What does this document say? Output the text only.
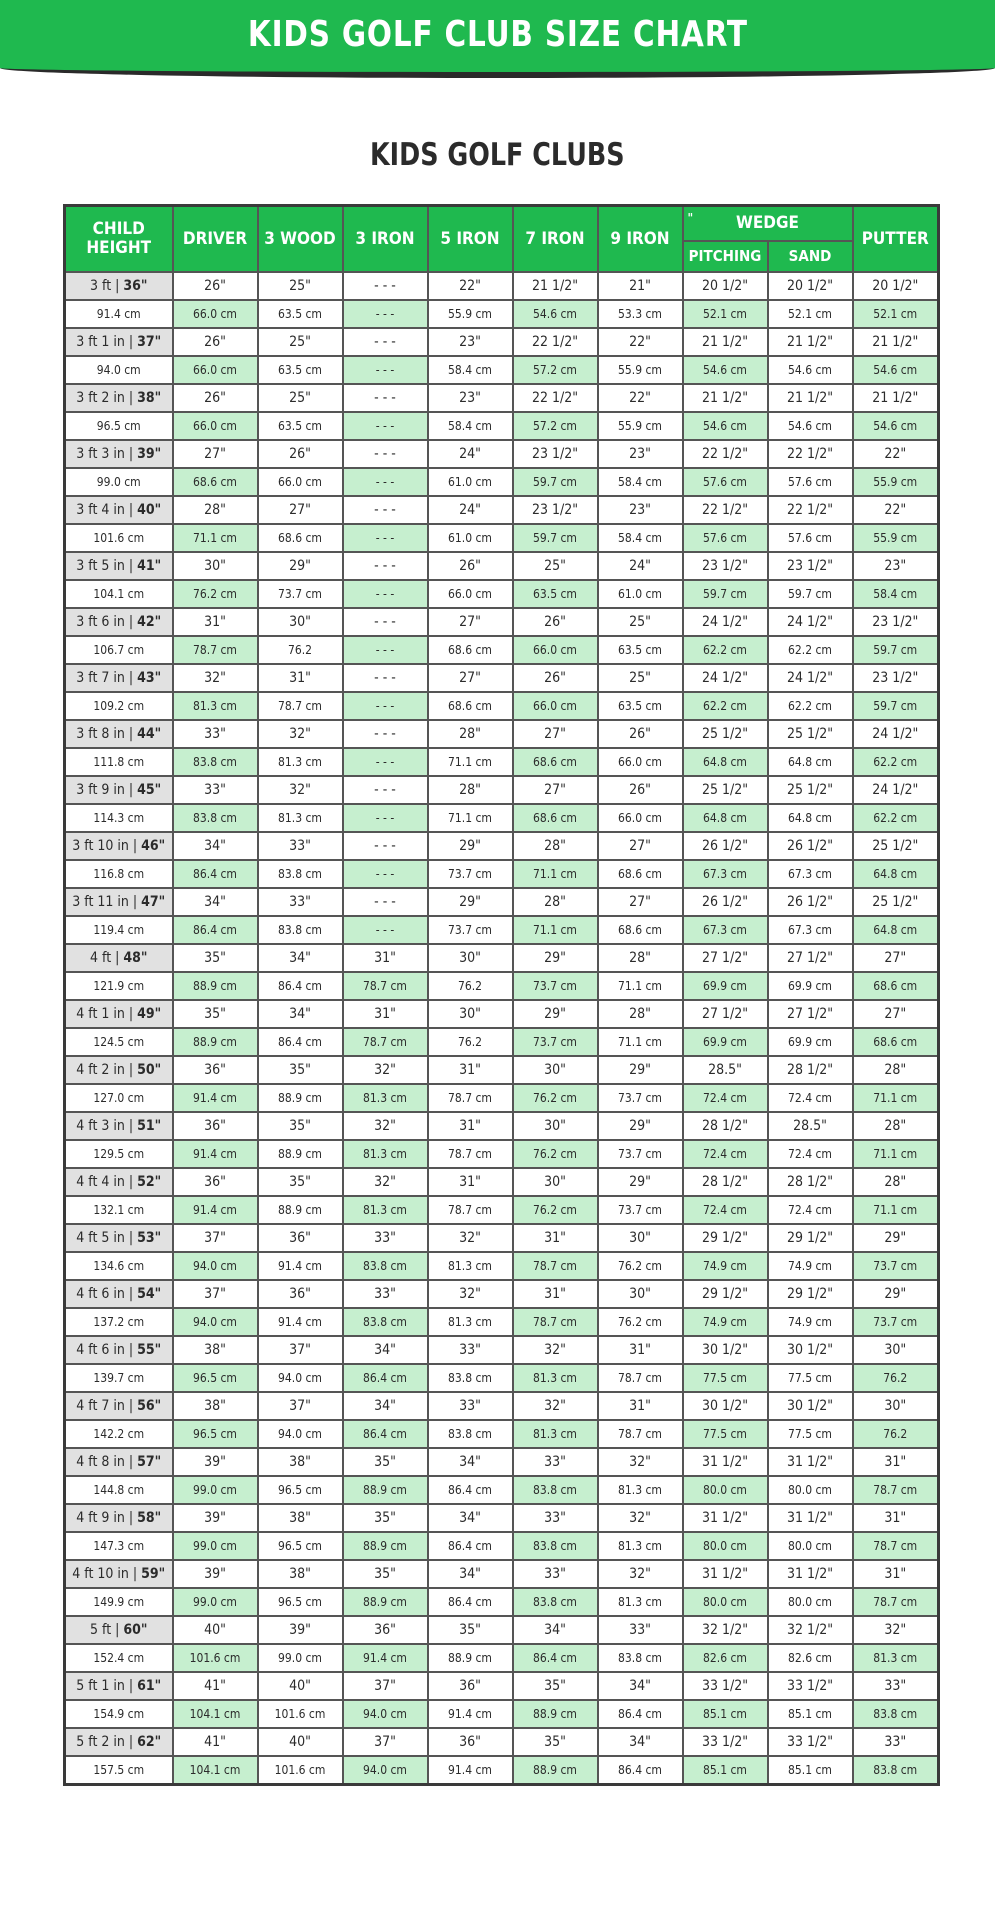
KIDS GOLF CLUB SIZE CHART
KIDS GOLF CLUBS
CHILD HEIGHT	DRIVER	3 WOOD	3 IRON	5 IRON	7 IRON	9 IRON	" WEDGE		PUTTER
							PITCHING	SAND	
3 ft | 36"	26"	25"	- - -	22"	21 1/2"	21"	20 1/2"	20 1/2"	20 1/2"
91.4 cm	66.0 cm	63.5 cm	- - -	55.9 cm	54.6 cm	53.3 cm	52.1 cm	52.1 cm	52.1 cm
3 ft 1 in | 37"	26"	25"	- - -	23"	22 1/2"	22"	21 1/2"	21 1/2"	21 1/2"
94.0 cm	66.0 cm	63.5 cm	- - -	58.4 cm	57.2 cm	55.9 cm	54.6 cm	54.6 cm	54.6 cm
3 ft 2 in | 38"	26"	25"	- - -	23"	22 1/2"	22"	21 1/2"	21 1/2"	21 1/2"
96.5 cm	66.0 cm	63.5 cm	- - -	58.4 cm	57.2 cm	55.9 cm	54.6 cm	54.6 cm	54.6 cm
3 ft 3 in | 39"	27"	26"	- - -	24"	23 1/2"	23"	22 1/2"	22 1/2"	22"
99.0 cm	68.6 cm	66.0 cm	- - -	61.0 cm	59.7 cm	58.4 cm	57.6 cm	57.6 cm	55.9 cm
3 ft 4 in | 40"	28"	27"	- - -	24"	23 1/2"	23"	22 1/2"	22 1/2"	22"
101.6 cm	71.1 cm	68.6 cm	- - -	61.0 cm	59.7 cm	58.4 cm	57.6 cm	57.6 cm	55.9 cm
3 ft 5 in | 41"	30"	29"	- - -	26"	25"	24"	23 1/2"	23 1/2"	23"
104.1 cm	76.2 cm	73.7 cm	- - -	66.0 cm	63.5 cm	61.0 cm	59.7 cm	59.7 cm	58.4 cm
3 ft 6 in | 42"	31"	30"	- - -	27"	26"	25"	24 1/2"	24 1/2"	23 1/2"
106.7 cm	78.7 cm	76.2	- - -	68.6 cm	66.0 cm	63.5 cm	62.2 cm	62.2 cm	59.7 cm
3 ft 7 in | 43"	32"	31"	- - -	27"	26"	25"	24 1/2"	24 1/2"	23 1/2"
109.2 cm	81.3 cm	78.7 cm	- - -	68.6 cm	66.0 cm	63.5 cm	62.2 cm	62.2 cm	59.7 cm
3 ft 8 in | 44"	33"	32"	- - -	28"	27"	26"	25 1/2"	25 1/2"	24 1/2"
111.8 cm	83.8 cm	81.3 cm	- - -	71.1 cm	68.6 cm	66.0 cm	64.8 cm	64.8 cm	62.2 cm
3 ft 9 in | 45"	33"	32"	- - -	28"	27"	26"	25 1/2"	25 1/2"	24 1/2"
114.3 cm	83.8 cm	81.3 cm	- - -	71.1 cm	68.6 cm	66.0 cm	64.8 cm	64.8 cm	62.2 cm
3 ft 10 in | 46"	34"	33"	- - -	29"	28"	27"	26 1/2"	26 1/2"	25 1/2"
116.8 cm	86.4 cm	83.8 cm	- - -	73.7 cm	71.1 cm	68.6 cm	67.3 cm	67.3 cm	64.8 cm
3 ft 11 in | 47"	34"	33"	- - -	29"	28"	27"	26 1/2"	26 1/2"	25 1/2"
119.4 cm	86.4 cm	83.8 cm	- - -	73.7 cm	71.1 cm	68.6 cm	67.3 cm	67.3 cm	64.8 cm
4 ft | 48"	35"	34"	31"	30"	29"	28"	27 1/2"	27 1/2"	27"
121.9 cm	88.9 cm	86.4 cm	78.7 cm	76.2	73.7 cm	71.1 cm	69.9 cm	69.9 cm	68.6 cm
4 ft 1 in | 49"	35"	34"	31"	30"	29"	28"	27 1/2"	27 1/2"	27"
124.5 cm	88.9 cm	86.4 cm	78.7 cm	76.2	73.7 cm	71.1 cm	69.9 cm	69.9 cm	68.6 cm
4 ft 2 in | 50"	36"	35"	32"	31"	30"	29"	28.5"	28 1/2"	28"
127.0 cm	91.4 cm	88.9 cm	81.3 cm	78.7 cm	76.2 cm	73.7 cm	72.4 cm	72.4 cm	71.1 cm
4 ft 3 in | 51"	36"	35"	32"	31"	30"	29"	28 1/2"	28.5"	28"
129.5 cm	91.4 cm	88.9 cm	81.3 cm	78.7 cm	76.2 cm	73.7 cm	72.4 cm	72.4 cm	71.1 cm
4 ft 4 in | 52"	36"	35"	32"	31"	30"	29"	28 1/2"	28 1/2"	28"
132.1 cm	91.4 cm	88.9 cm	81.3 cm	78.7 cm	76.2 cm	73.7 cm	72.4 cm	72.4 cm	71.1 cm
4 ft 5 in | 53"	37"	36"	33"	32"	31"	30"	29 1/2"	29 1/2"	29"
134.6 cm	94.0 cm	91.4 cm	83.8 cm	81.3 cm	78.7 cm	76.2 cm	74.9 cm	74.9 cm	73.7 cm
4 ft 6 in | 54"	37"	36"	33"	32"	31"	30"	29 1/2"	29 1/2"	29"
137.2 cm	94.0 cm	91.4 cm	83.8 cm	81.3 cm	78.7 cm	76.2 cm	74.9 cm	74.9 cm	73.7 cm
4 ft 6 in | 55"	38"	37"	34"	33"	32"	31"	30 1/2"	30 1/2"	30"
139.7 cm	96.5 cm	94.0 cm	86.4 cm	83.8 cm	81.3 cm	78.7 cm	77.5 cm	77.5 cm	76.2
4 ft 7 in | 56"	38"	37"	34"	33"	32"	31"	30 1/2"	30 1/2"	30"
142.2 cm	96.5 cm	94.0 cm	86.4 cm	83.8 cm	81.3 cm	78.7 cm	77.5 cm	77.5 cm	76.2
4 ft 8 in | 57"	39"	38"	35"	34"	33"	32"	31 1/2"	31 1/2"	31"
144.8 cm	99.0 cm	96.5 cm	88.9 cm	86.4 cm	83.8 cm	81.3 cm	80.0 cm	80.0 cm	78.7 cm
4 ft 9 in | 58"	39"	38"	35"	34"	33"	32"	31 1/2"	31 1/2"	31"
147.3 cm	99.0 cm	96.5 cm	88.9 cm	86.4 cm	83.8 cm	81.3 cm	80.0 cm	80.0 cm	78.7 cm
4 ft 10 in | 59"	39"	38"	35"	34"	33"	32"	31 1/2"	31 1/2"	31"
149.9 cm	99.0 cm	96.5 cm	88.9 cm	86.4 cm	83.8 cm	81.3 cm	80.0 cm	80.0 cm	78.7 cm
5 ft | 60"	40"	39"	36"	35"	34"	33"	32 1/2"	32 1/2"	32"
152.4 cm	101.6 cm	99.0 cm	91.4 cm	88.9 cm	86.4 cm	83.8 cm	82.6 cm	82.6 cm	81.3 cm
5 ft 1 in | 61"	41"	40"	37"	36"	35"	34"	33 1/2"	33 1/2"	33"
154.9 cm	104.1 cm	101.6 cm	94.0 cm	91.4 cm	88.9 cm	86.4 cm	85.1 cm	85.1 cm	83.8 cm
5 ft 2 in | 62"	41"	40"	37"	36"	35"	34"	33 1/2"	33 1/2"	33"
157.5 cm	104.1 cm	101.6 cm	94.0 cm	91.4 cm	88.9 cm	86.4 cm	85.1 cm	85.1 cm	83.8 cm
